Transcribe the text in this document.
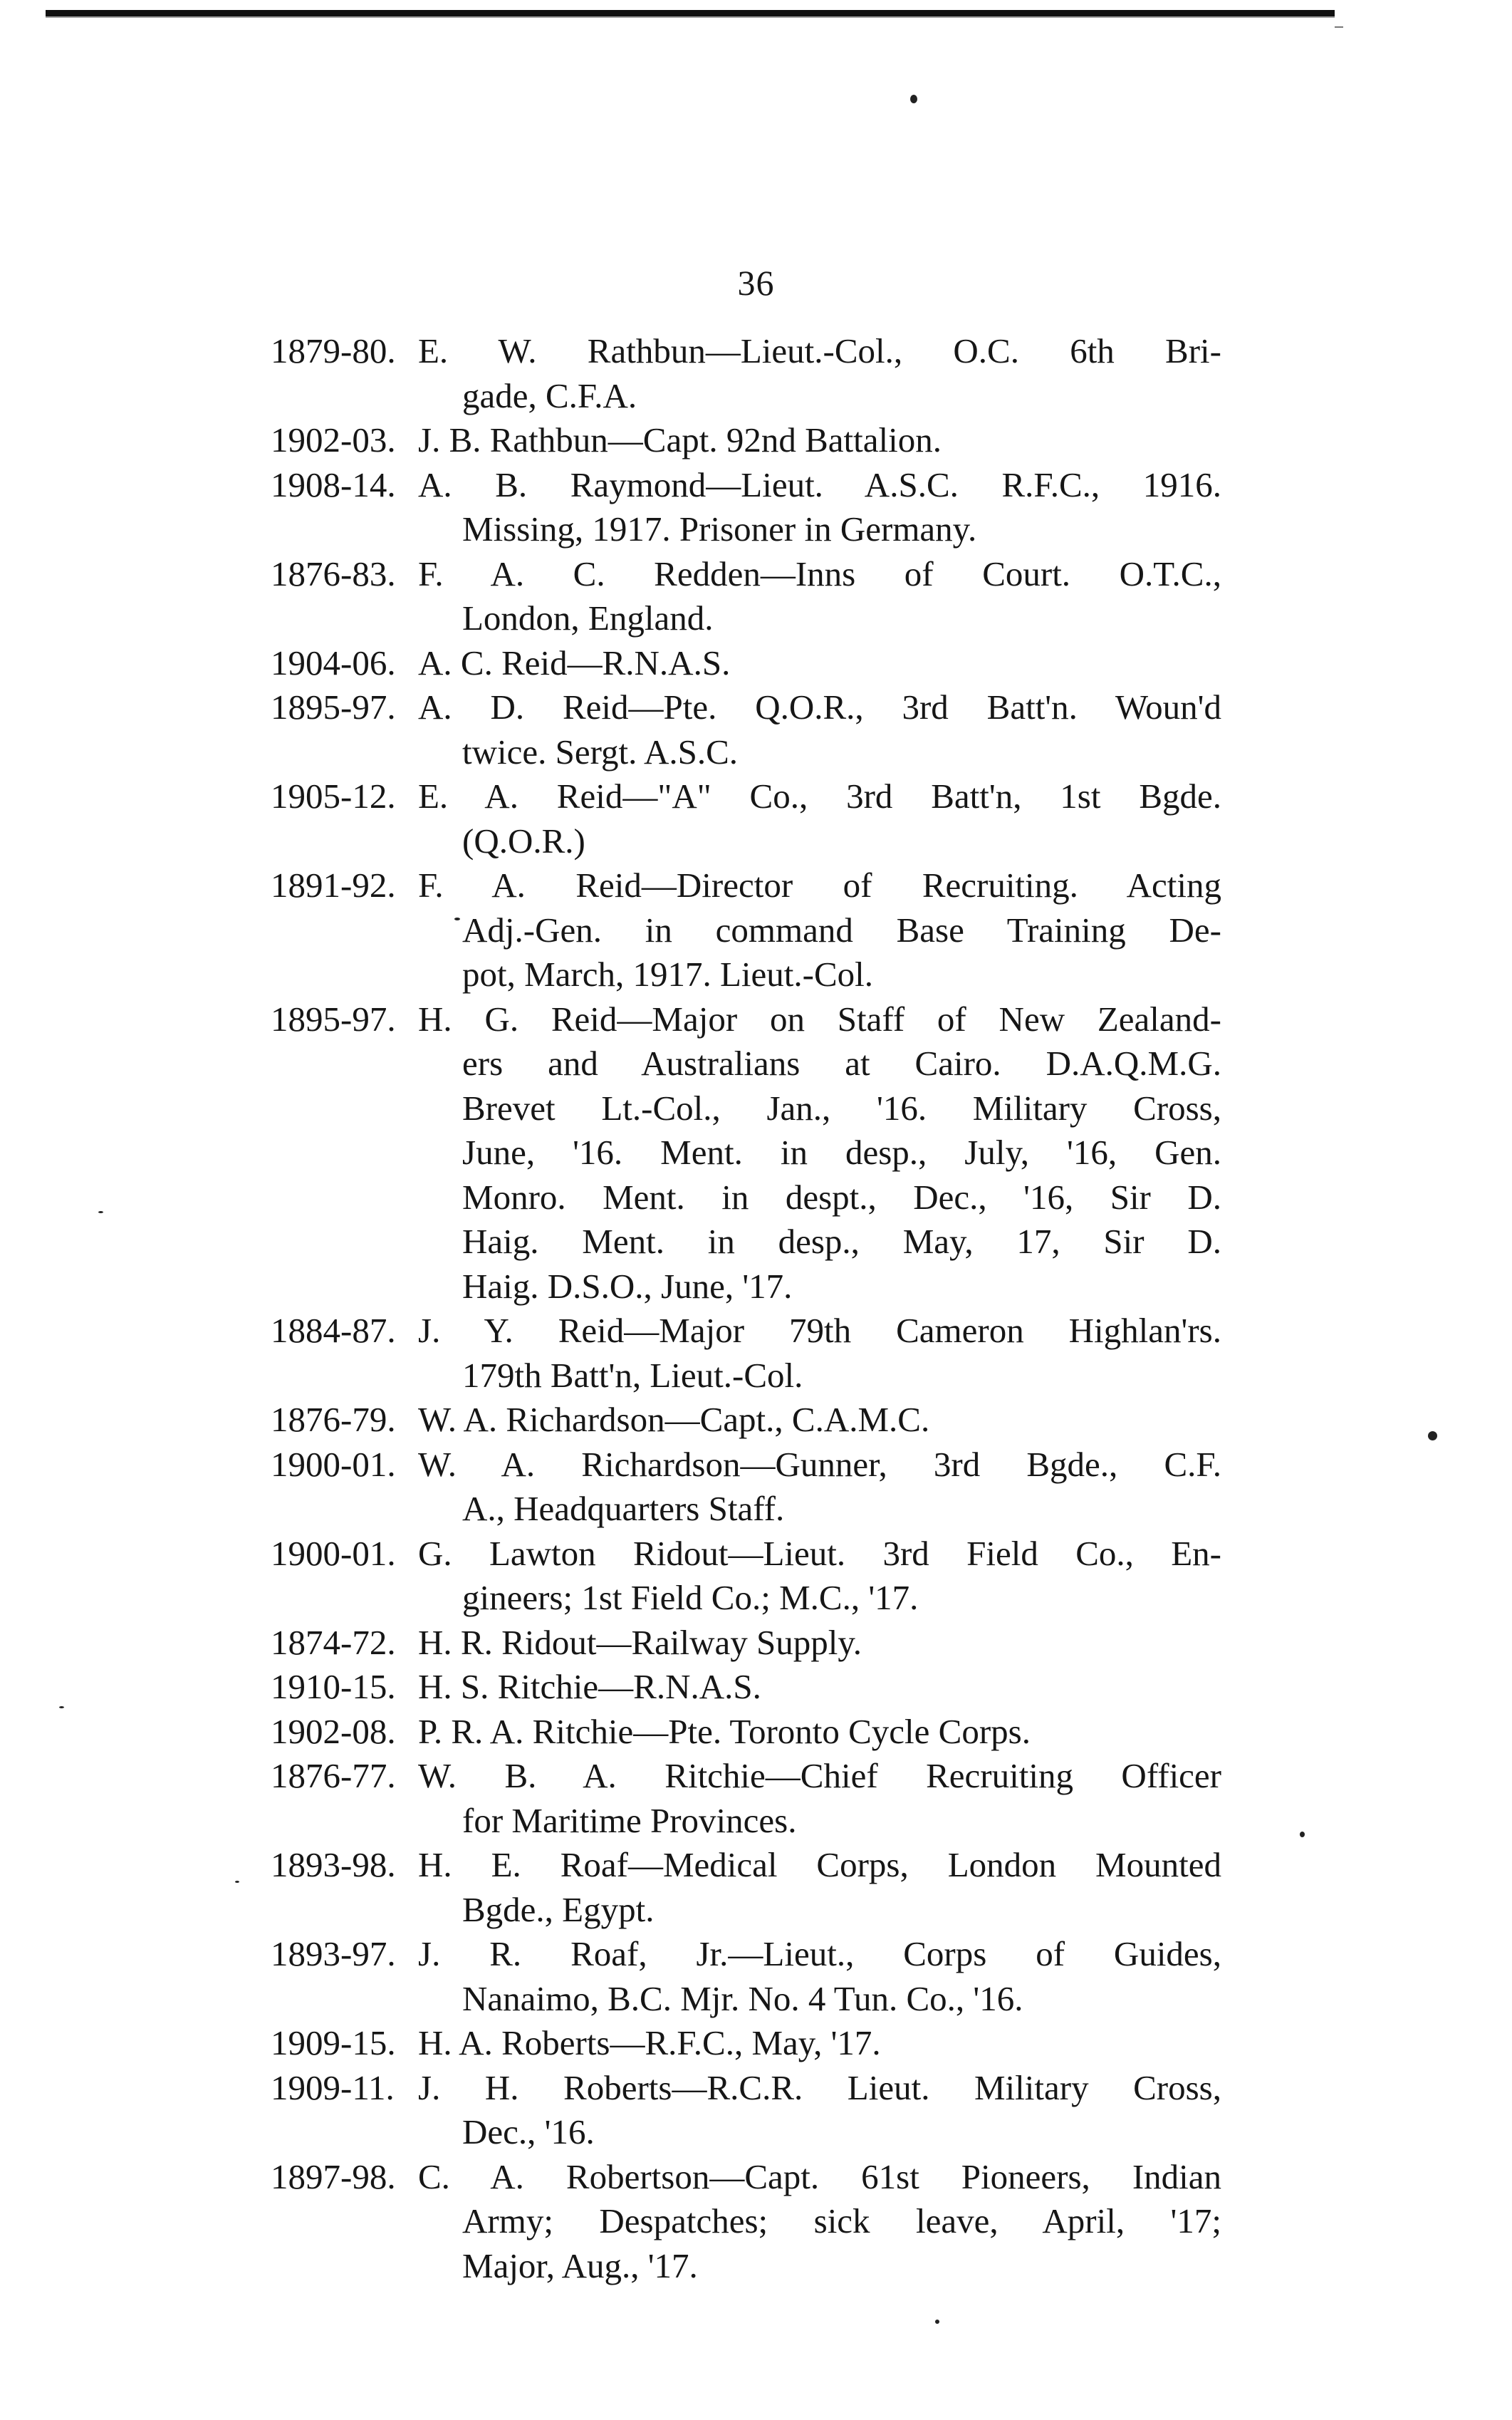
36
1879-80. E. W. Rathbun—Lieut.-Col., O.C. 6th Bri-
gade, C.F.A.
1902-03. J. B. Rathbun—Capt. 92nd Battalion.
1908-14. A. B. Raymond—Lieut. A.S.C. R.F.C., 1916.
Missing, 1917. Prisoner in Germany.
1876-83. F. A. C. Redden—Inns of Court. O.T.C.,
London, England.
1904-06. A. C. Reid—R.N.A.S.
1895-97. A. D. Reid—Pte. Q.O.R., 3rd Batt'n. Woun'd
twice. Sergt. A.S.C.
1905-12. E. A. Reid—"A" Co., 3rd Batt'n, 1st Bgde.
(Q.O.R.)
1891-92. F. A. Reid—Director of Recruiting. Acting
Adj.-Gen. in command Base Training De-
pot, March, 1917. Lieut.-Col.
1895-97. H. G. Reid—Major on Staff of New Zealand-
ers and Australians at Cairo. D.A.Q.M.G.
Brevet Lt.-Col., Jan., '16. Military Cross,
June, '16. Ment. in desp., July, '16, Gen.
Monro. Ment. in despt., Dec., '16, Sir D.
Haig. Ment. in desp., May, 17, Sir D.
Haig. D.S.O., June, '17.
1884-87. J. Y. Reid—Major 79th Cameron Highlan'rs.
179th Batt'n, Lieut.-Col.
1876-79. W. A. Richardson—Capt., C.A.M.C.
1900-01. W. A. Richardson—Gunner, 3rd Bgde., C.F.
A., Headquarters Staff.
1900-01. G. Lawton Ridout—Lieut. 3rd Field Co., En-
gineers; 1st Field Co.; M.C., '17.
1874-72. H. R. Ridout—Railway Supply.
1910-15. H. S. Ritchie—R.N.A.S.
1902-08. P. R. A. Ritchie—Pte. Toronto Cycle Corps.
1876-77. W. B. A. Ritchie—Chief Recruiting Officer
for Maritime Provinces.
1893-98. H. E. Roaf—Medical Corps, London Mounted
Bgde., Egypt.
1893-97. J. R. Roaf, Jr.—Lieut., Corps of Guides,
Nanaimo, B.C. Mjr. No. 4 Tun. Co., '16.
1909-15. H. A. Roberts—R.F.C., May, '17.
1909-11. J. H. Roberts—R.C.R. Lieut. Military Cross,
Dec., '16.
1897-98. C. A. Robertson—Capt. 61st Pioneers, Indian
Army; Despatches; sick leave, April, '17;
Major, Aug., '17.
